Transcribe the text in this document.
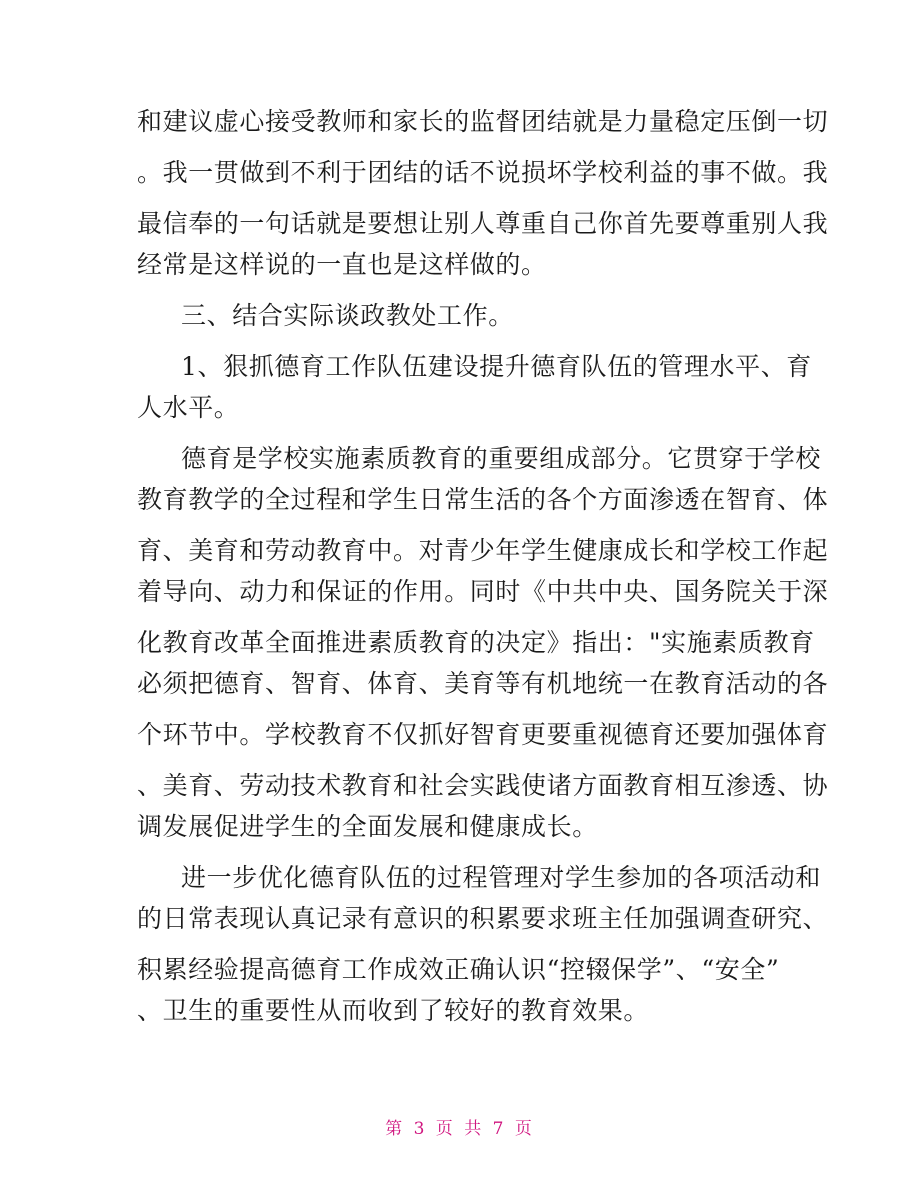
和建议虚心接受教师和家长的监督团结就是力量稳定压倒一切
。我一贯做到不利于团结的话不说损坏学校利益的事不做。我
最信奉的一句话就是要想让别人尊重自己你首先要尊重别人我
经常是这样说的一直也是这样做的。
三、结合实际谈政教处工作。
1、狠抓德育工作队伍建设提升德育队伍的管理水平、育
人水平。
德育是学校实施素质教育的重要组成部分。它贯穿于学校
教育教学的全过程和学生日常生活的各个方面渗透在智育、体
育、美育和劳动教育中。对青少年学生健康成长和学校工作起
着导向、动力和保证的作用。同时《中共中央、国务院关于深
化教育改革全面推进素质教育的决定》指出："实施素质教育
必须把德育、智育、体育、美育等有机地统一在教育活动的各
个环节中。学校教育不仅抓好智育更要重视德育还要加强体育
、美育、劳动技术教育和社会实践使诸方面教育相互渗透、协
调发展促进学生的全面发展和健康成长。
进一步优化德育队伍的过程管理对学生参加的各项活动和
的日常表现认真记录有意识的积累要求班主任加强调查研究、
积累经验提高德育工作成效正确认识“控辍保学”、“安全”
、卫生的重要性从而收到了较好的教育效果。
第 3 页 共 7 页
